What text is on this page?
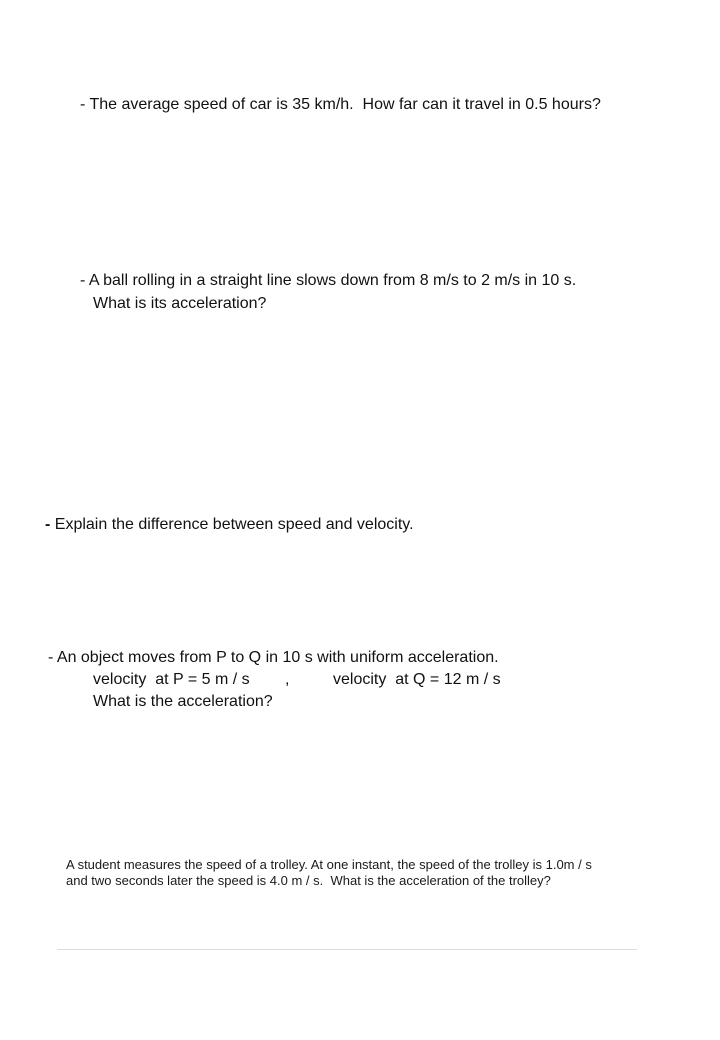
- The average speed of car is 35 km/h.  How far can it travel in 0.5 hours?
- A ball rolling in a straight line slows down from 8 m/s to 2 m/s in 10 s.
What is its acceleration?
- Explain the difference between speed and velocity.
- An object moves from P to Q in 10 s with uniform acceleration.
velocity  at P = 5 m / s ,	velocity  at Q = 12 m / s
What is the acceleration?
A student measures the speed of a trolley. At one instant, the speed of the trolley is 1.0m / s
and two seconds later the speed is 4.0 m / s.  What is the acceleration of the trolley?
